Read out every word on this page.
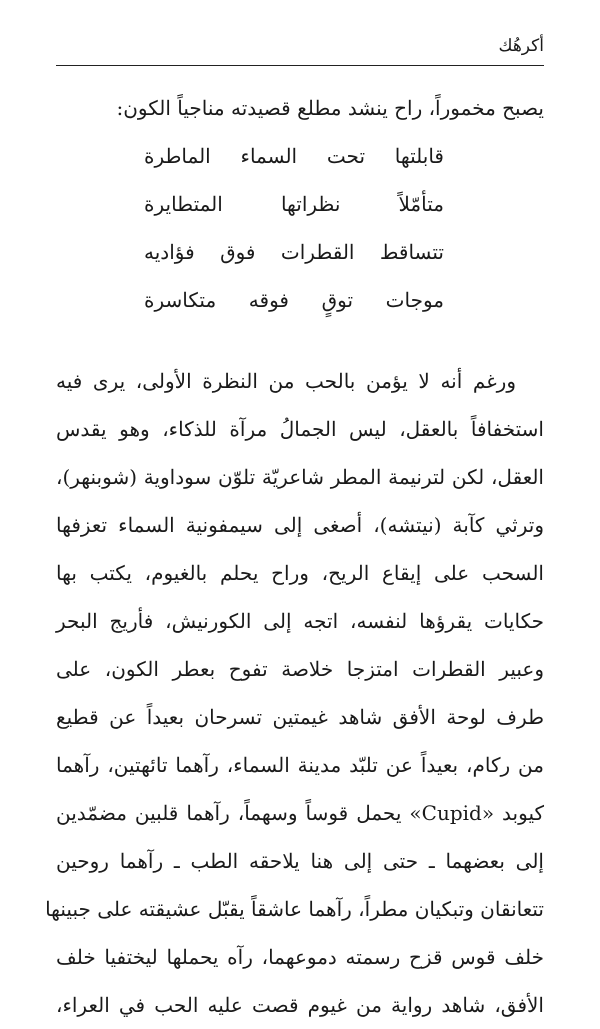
أكرهُك
يصبح مخموراً، راح ينشد مطلع قصيدته مناجياً الكون:
قابلتها تحت السماء الماطرة
متأمّلاً نظراتها المتطايرة
تتساقط القطرات فوق فؤاديه
موجات توقٍ فوقه متكاسرة
ورغم أنه لا يؤمن بالحب من النظرة الأولى، يرى فيه
استخفافاً بالعقل، ليس الجمالُ مرآة للذكاء، وهو يقدس
العقل، لكن لترنيمة المطر شاعريّة تلوّن سوداوية (شوبنهر)،
وترثي كآبة (نيتشه)، أصغى إلى سيمفونية السماء تعزفها
السحب على إيقاع الريح، وراح يحلم بالغيوم، يكتب بها
حكايات يقرؤها لنفسه، اتجه إلى الكورنيش، فأريج البحر
وعبير القطرات امتزجا خلاصة تفوح بعطر الكون، على
طرف لوحة الأفق شاهد غيمتين تسرحان بعيداً عن قطيع
من ركام، بعيداً عن تلبّد مدينة السماء، رآهما تائهتين، رآهما
كيوبد «Cupid» يحمل قوساً وسهماً، رآهما قلبين مضمّدين
إلى بعضهما ـ حتى إلى هنا يلاحقه الطب ـ رآهما روحين
تتعانقان وتبكيان مطراً، رآهما عاشقاً يقبّل عشيقته على جبينها
خلف قوس قزح رسمته دموعهما، رآه يحملها ليختفيا خلف
الأفق، شاهد رواية من غيوم قصت عليه الحب في العراء،
